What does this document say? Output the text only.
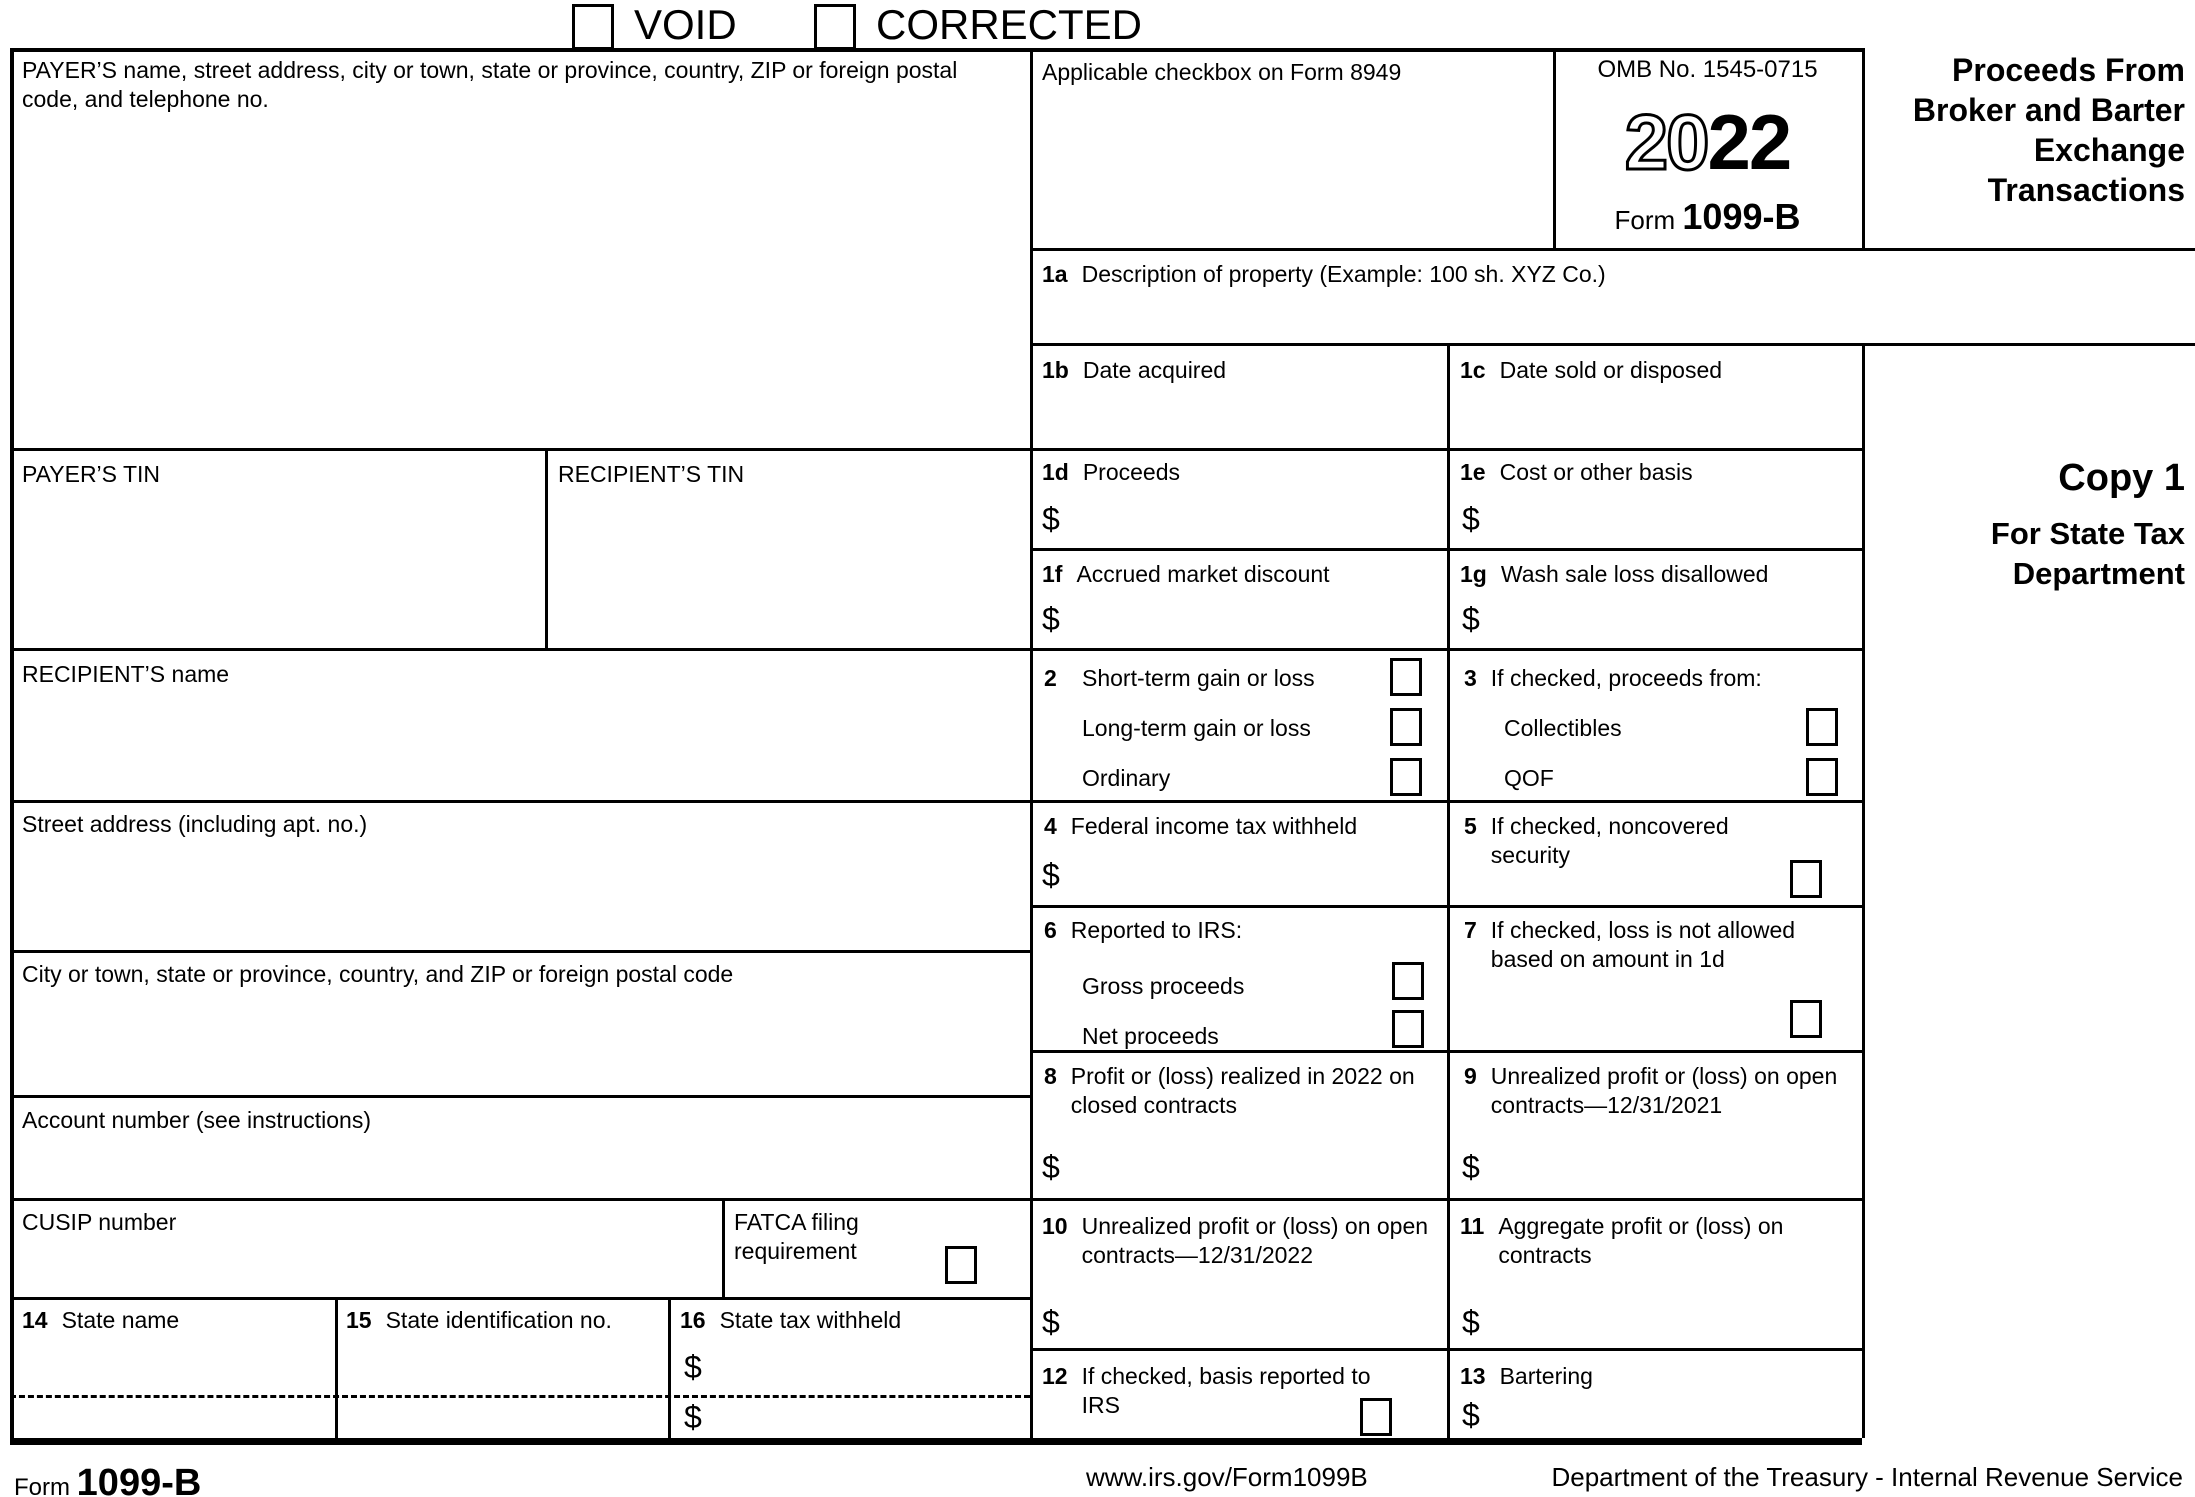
VOID	CORRECTED
PAYER’S name, street address, city or town, state or province, country, ZIP or foreign postal code, and telephone no.
PAYER’S TIN	RECIPIENT’S TIN
RECIPIENT’S name
Street address (including apt. no.)
City or town, state or province, country, and ZIP or foreign postal code
Account number (see instructions)
CUSIP number	FATCA filing requirement
Applicable checkbox on Form 8949	OMB No. 1545-0715
2022
Form 1099-B
Proceeds From Broker and Barter Exchange Transactions
Copy 1
For State Tax Department
1a Description of property (Example: 100 sh. XYZ Co.)
1b Date acquired	1c Date sold or disposed
1d Proceeds
$
1e Cost or other basis
$
1f Accrued market discount
$
1g Wash sale loss disallowed
$
2 Short-term gain or loss
Long-term gain or loss
Ordinary
3 If checked, proceeds from:
Collectibles
QOF
4 Federal income tax withheld
$
5 If checked, noncovered security
6 Reported to IRS:
Gross proceeds
Net proceeds
7 If checked, loss is not allowed based on amount in 1d
8 Profit or (loss) realized in 2022 on closed contracts
$
9 Unrealized profit or (loss) on open contracts—12/31/2021
$
10 Unrealized profit or (loss) on open contracts—12/31/2022
$
11 Aggregate profit or (loss) on contracts
$
12 If checked, basis reported to IRS
13 Bartering
$
14 State name	15 State identification no.	16 State tax withheld
$
$
Form 1099-B	www.irs.gov/Form1099B	Department of the Treasury - Internal Revenue Service
